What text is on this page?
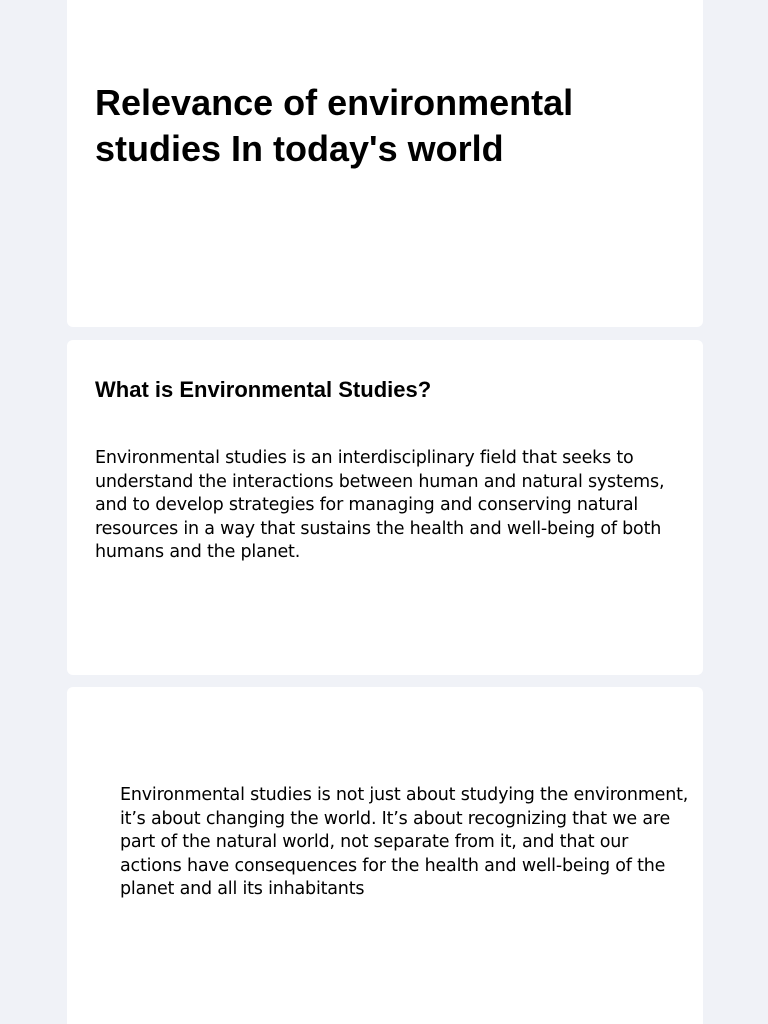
Relevance of environmental studies In today's world
What is Environmental Studies?

Environmental studies is an interdisciplinary field that seeks to understand the interactions between human and natural systems, and to develop strategies for managing and conserving natural resources in a way that sustains the health and well-being of both humans and the planet.

Environmental studies is not just about studying the environment, it’s about changing the world. It’s about recognizing that we are part of the natural world, not separate from it, and that our actions have consequences for the health and well-being of the planet and all its inhabitants
